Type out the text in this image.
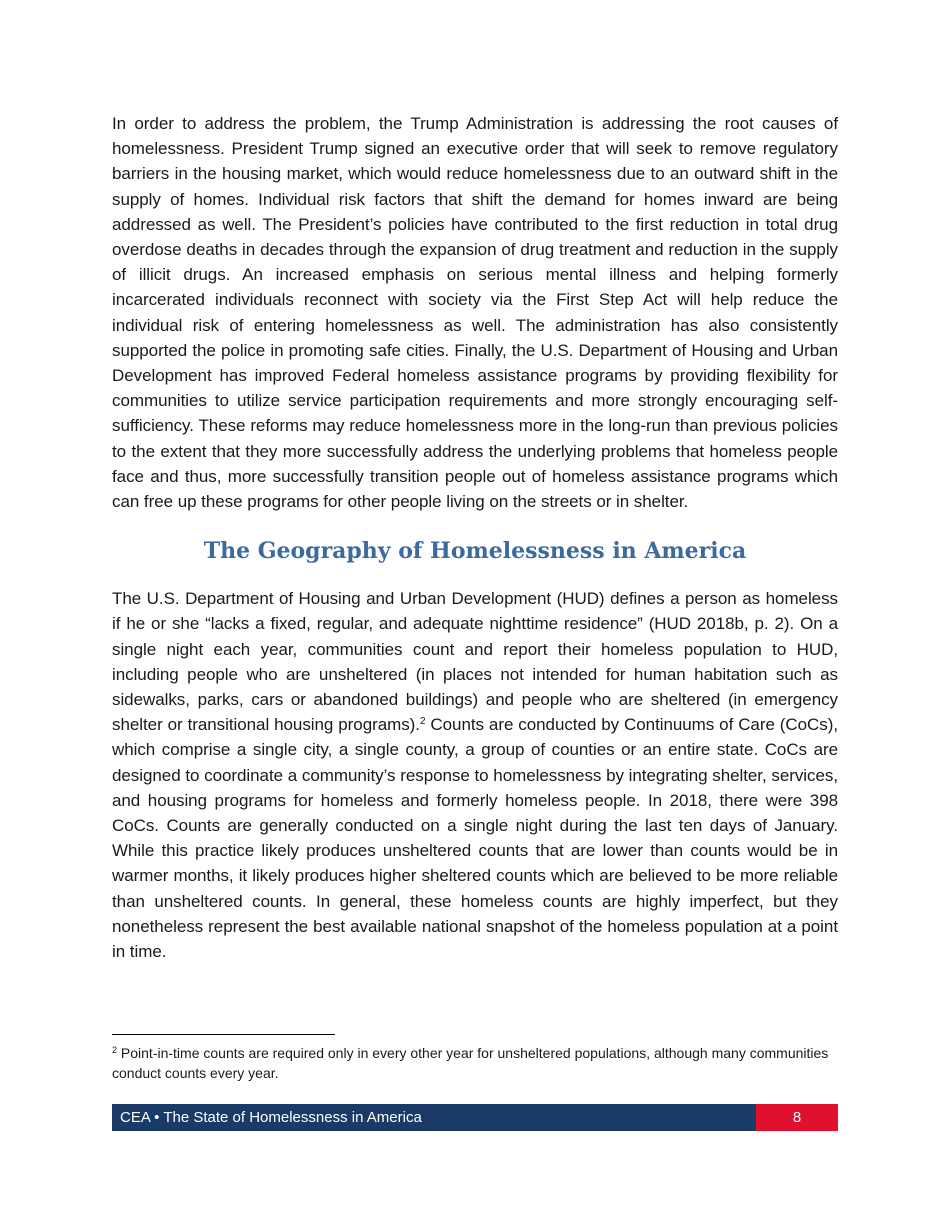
In order to address the problem, the Trump Administration is addressing the root causes of homelessness. President Trump signed an executive order that will seek to remove regulatory barriers in the housing market, which would reduce homelessness due to an outward shift in the supply of homes. Individual risk factors that shift the demand for homes inward are being addressed as well. The President’s policies have contributed to the first reduction in total drug overdose deaths in decades through the expansion of drug treatment and reduction in the supply of illicit drugs. An increased emphasis on serious mental illness and helping formerly incarcerated individuals reconnect with society via the First Step Act will help reduce the individual risk of entering homelessness as well. The administration has also consistently supported the police in promoting safe cities. Finally, the U.S. Department of Housing and Urban Development has improved Federal homeless assistance programs by providing flexibility for communities to utilize service participation requirements and more strongly encouraging self-sufficiency. These reforms may reduce homelessness more in the long-run than previous policies to the extent that they more successfully address the underlying problems that homeless people face and thus, more successfully transition people out of homeless assistance programs which can free up these programs for other people living on the streets or in shelter.

The Geography of Homelessness in America

The U.S. Department of Housing and Urban Development (HUD) defines a person as homeless if he or she “lacks a fixed, regular, and adequate nighttime residence” (HUD 2018b, p. 2). On a single night each year, communities count and report their homeless population to HUD, including people who are unsheltered (in places not intended for human habitation such as sidewalks, parks, cars or abandoned buildings) and people who are sheltered (in emergency shelter or transitional housing programs).$^2$ Counts are conducted by Continuums of Care (CoCs), which comprise a single city, a single county, a group of counties or an entire state. CoCs are designed to coordinate a community’s response to homelessness by integrating shelter, services, and housing programs for homeless and formerly homeless people. In 2018, there were 398 CoCs. Counts are generally conducted on a single night during the last ten days of January. While this practice likely produces unsheltered counts that are lower than counts would be in warmer months, it likely produces higher sheltered counts which are believed to be more reliable than unsheltered counts. In general, these homeless counts are highly imperfect, but they nonetheless represent the best available national snapshot of the homeless population at a point in time.

$^2$ Point-in-time counts are required only in every other year for unsheltered populations, although many communities conduct counts every year.

CEA • The State of Homelessness in America	8
